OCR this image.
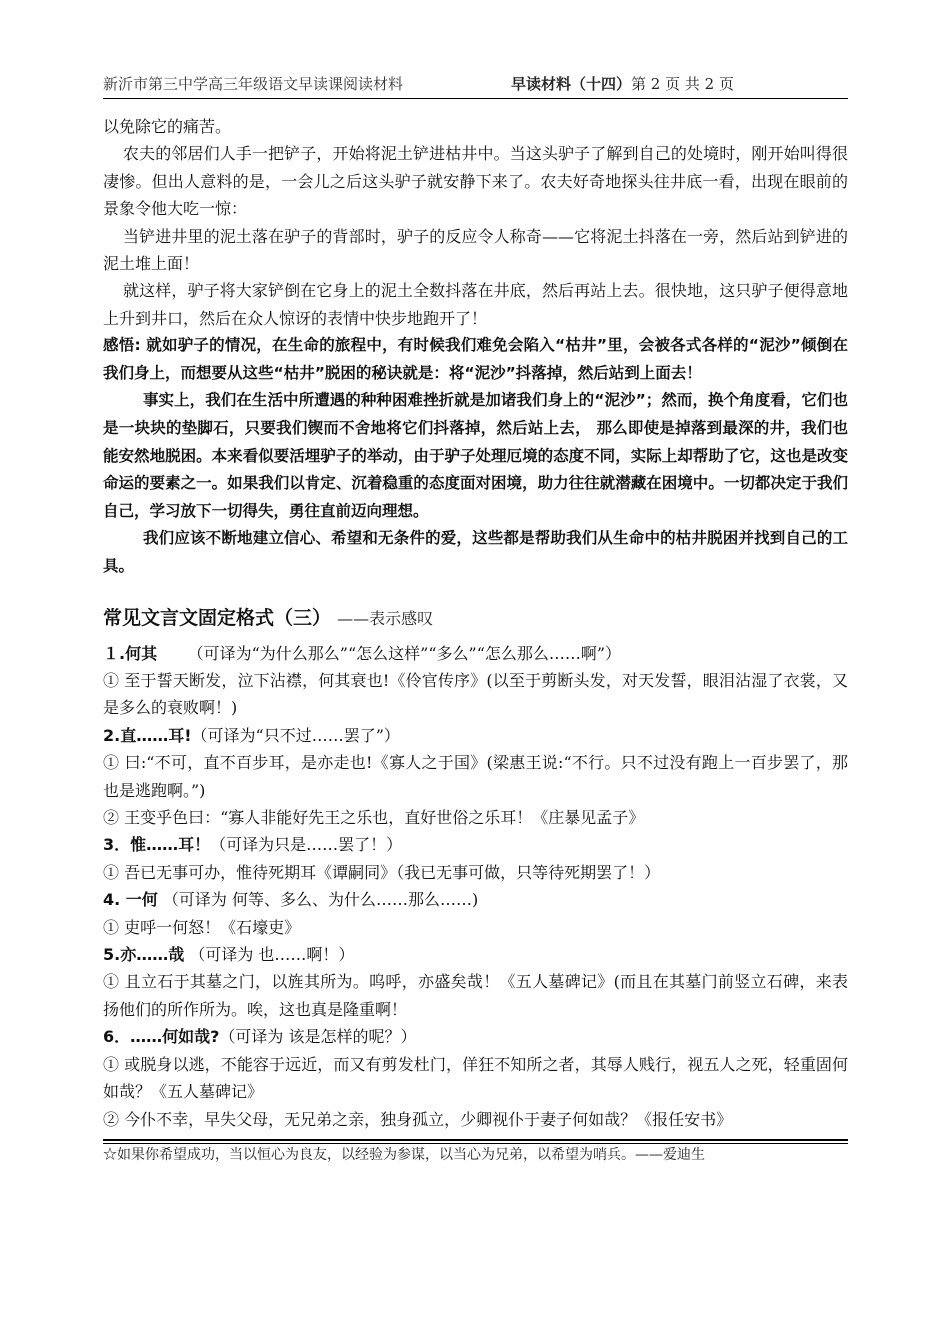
新沂市第三中学高三年级语文早读课阅读材料	早读材料（十四）第 2 页 共 2 页

以免除它的痛苦。

农夫的邻居们人手一把铲子，开始将泥土铲进枯井中。当这头驴子了解到自己的处境时，刚开始叫得很凄惨。但出人意料的是，一会儿之后这头驴子就安静下来了。农夫好奇地探头往井底一看，出现在眼前的景象令他大吃一惊：

当铲进井里的泥土落在驴子的背部时，驴子的反应令人称奇——它将泥土抖落在一旁，然后站到铲进的泥土堆上面！

就这样，驴子将大家铲倒在它身上的泥土全数抖落在井底，然后再站上去。很快地，这只驴子便得意地上升到井口，然后在众人惊讶的表情中快步地跑开了！

感悟: 就如驴子的情况，在生命的旅程中，有时候我们难免会陷入“枯井”里，会被各式各样的“泥沙”倾倒在我们身上，而想要从这些“枯井”脱困的秘诀就是：将“泥沙”抖落掉，然后站到上面去！

事实上，我们在生活中所遭遇的种种困难挫折就是加诸我们身上的“泥沙”；然而，换个角度看，它们也是一块块的垫脚石，只要我们锲而不舍地将它们抖落掉，然后站上去， 那么即使是掉落到最深的井，我们也能安然地脱困。本来看似要活埋驴子的举动，由于驴子处理厄境的态度不同，实际上却帮助了它，这也是改变命运的要素之一。如果我们以肯定、沉着稳重的态度面对困境，助力往往就潜藏在困境中。一切都决定于我们自己，学习放下一切得失，勇往直前迈向理想。

我们应该不断地建立信心、希望和无条件的爱，这些都是帮助我们从生命中的枯井脱困并找到自己的工具。

常见文言文固定格式（三） ——表示感叹

１.何其 （可译为“为什么那么”“怎么这样”“多么”“怎么那么……啊”）

① 至于誓天断发，泣下沾襟，何其衰也!《伶官传序》(以至于剪断头发，对天发誓，眼泪沾湿了衣裳，又是多么的衰败啊！)

2.直……耳!（可译为“只不过……罢了”）

① 曰:“不可，直不百步耳，是亦走也!《寡人之于国》(梁惠王说:“不行。只不过没有跑上一百步罢了，那也是逃跑啊。”)

② 王变乎色曰：“寡人非能好先王之乐也，直好世俗之乐耳！《庄暴见孟子》

3．惟……耳！（可译为只是……罢了！）

① 吾已无事可办，惟待死期耳《谭嗣同》（我已无事可做，只等待死期罢了！）

4. 一何 （可译为 何等、多么、为什么……那么……)

① 吏呼一何怒！《石壕吏》

5.亦……哉 （可译为 也……啊！）

① 且立石于其墓之门，以旌其所为。呜呼，亦盛矣哉！《五人墓碑记》(而且在其墓门前竖立石碑，来表扬他们的所作所为。唉，这也真是隆重啊！

6．……何如哉?（可译为 该是怎样的呢？）

① 或脱身以逃，不能容于远近，而又有剪发杜门，佯狂不知所之者，其辱人贱行，视五人之死，轻重固何如哉？《五人墓碑记》

② 今仆不幸，早失父母，无兄弟之亲，独身孤立，少卿视仆于妻子何如哉？《报任安书》

☆如果你希望成功，当以恒心为良友，以经验为参谋，以当心为兄弟，以希望为哨兵。——爱迪生
